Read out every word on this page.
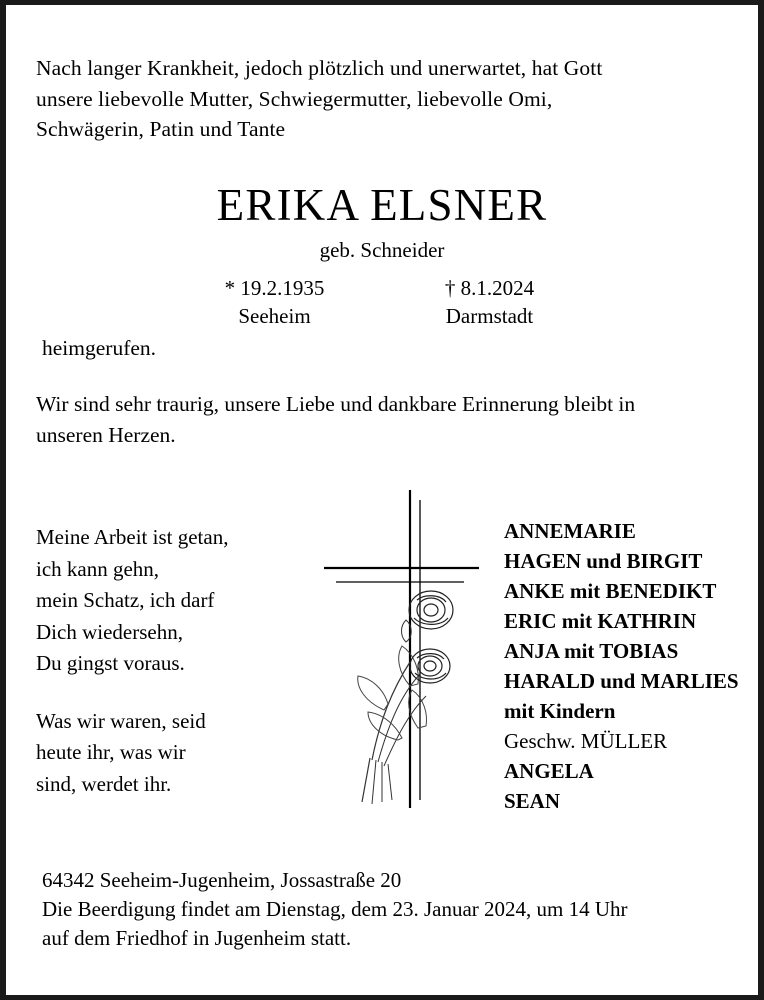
Nach langer Krankheit, jedoch plötzlich und unerwartet, hat Gott
unsere liebevolle Mutter, Schwiegermutter, liebevolle Omi,
Schwägerin, Patin und Tante
ERIKA ELSNER
geb. Schneider
* 19.2.1935
Seeheim
† 8.1.2024
Darmstadt
heimgerufen.
Wir sind sehr traurig, unsere Liebe und dankbare Erinnerung bleibt in
unseren Herzen.
Meine Arbeit ist getan,
ich kann gehn,
mein Schatz, ich darf
Dich wiedersehn,
Du gingst voraus.
Was wir waren, seid
heute ihr, was wir
sind, werdet ihr.
ANNEMARIE
HAGEN und BIRGIT
ANKE mit BENEDIKT
ERIC mit KATHRIN
ANJA mit TOBIAS
HARALD und MARLIES
mit Kindern
Geschw. MÜLLER
ANGELA
SEAN
64342 Seeheim-Jugenheim, Jossastraße 20
Die Beerdigung findet am Dienstag, dem 23. Januar 2024, um 14 Uhr
auf dem Friedhof in Jugenheim statt.
